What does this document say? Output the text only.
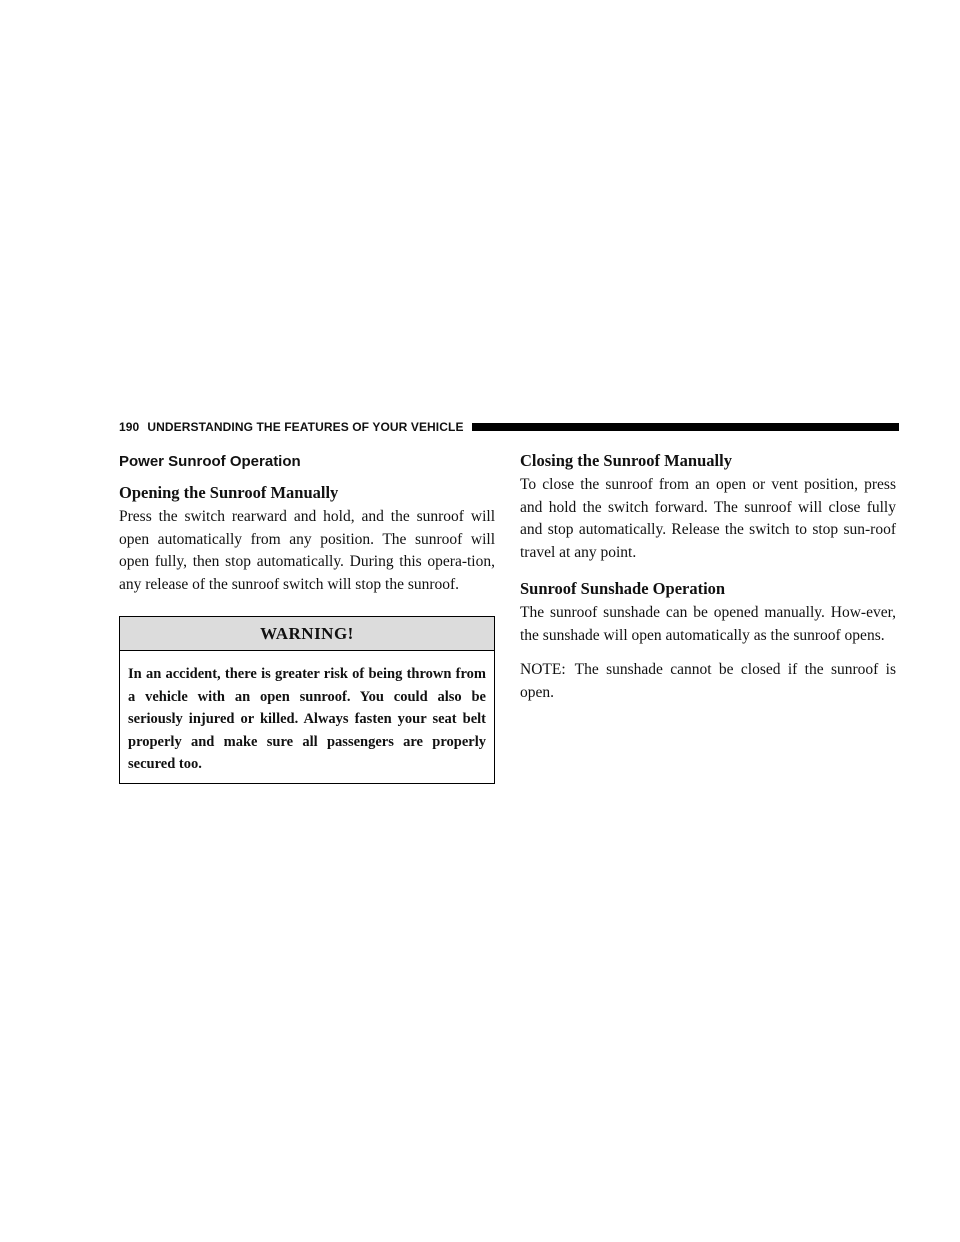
190 UNDERSTANDING THE FEATURES OF YOUR VEHICLE
Power Sunroof Operation
Opening the Sunroof Manually

Press the switch rearward and hold, and the sunroof will open automatically from any position. The sunroof will open fully, then stop automatically. During this opera-tion, any release of the sunroof switch will stop the sunroof.

WARNING!
In an accident, there is greater risk of being thrown from a vehicle with an open sunroof. You could also be seriously injured or killed. Always fasten your seat belt properly and make sure all passengers are properly secured too.
Closing the Sunroof Manually

To close the sunroof from an open or vent position, press and hold the switch forward. The sunroof will close fully and stop automatically. Release the switch to stop sun-roof travel at any point.

Sunroof Sunshade Operation

The sunroof sunshade can be opened manually. How-ever, the sunshade will open automatically as the sunroof opens.

NOTE: The sunshade cannot be closed if the sunroof is open.
